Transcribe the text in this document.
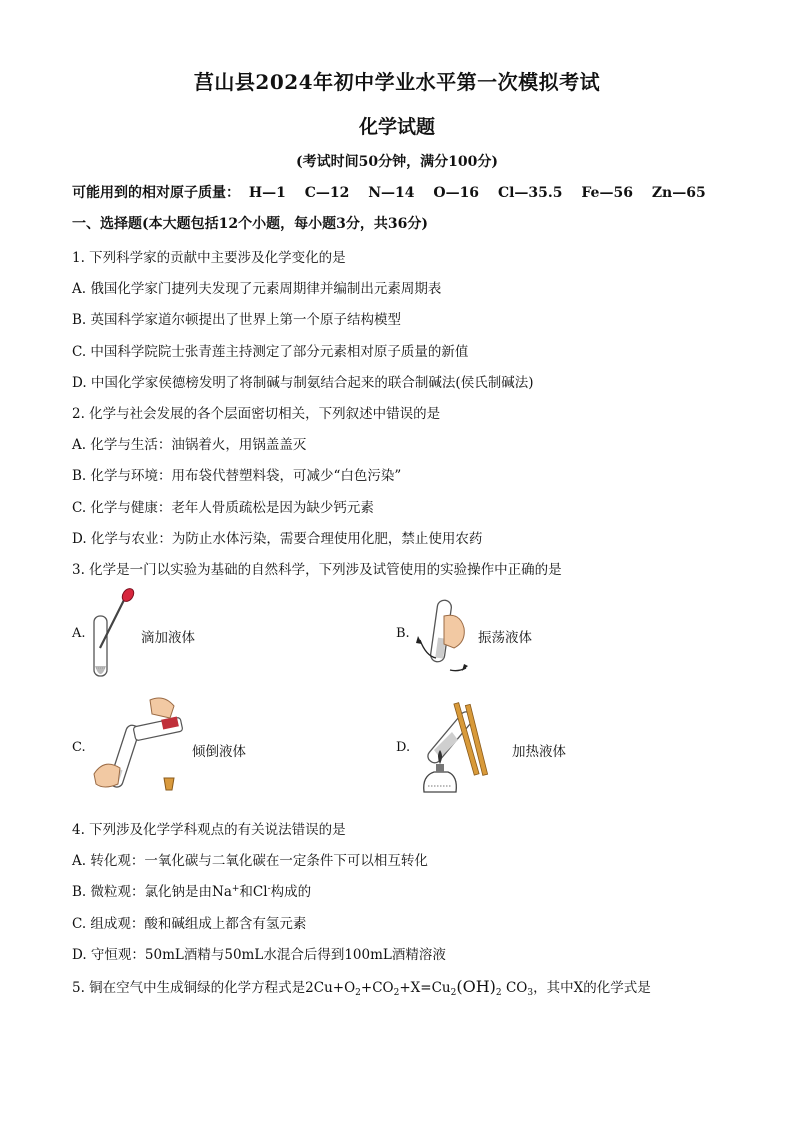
莒山县2024年初中学业水平第一次模拟考试
化学试题
(考试时间50分钟，满分100分)
可能用到的相对原子质量： H—1 C—12 N—14 O—16 Cl—35.5 Fe—56 Zn—65
一、选择题(本大题包括12个小题，每小题3分，共36分)
1. 下列科学家的贡献中主要涉及化学变化的是
A. 俄国化学家门捷列夫发现了元素周期律并编制出元素周期表
B. 英国科学家道尔顿提出了世界上第一个原子结构模型
C. 中国科学院院士张青莲主持测定了部分元素相对原子质量的新值
D. 中国化学家侯德榜发明了将制碱与制氨结合起来的联合制碱法(侯氏制碱法)
2. 化学与社会发展的各个层面密切相关，下列叙述中错误的是
A. 化学与生活：油锅着火，用锅盖盖灭
B. 化学与环境：用布袋代替塑料袋，可减少“白色污染”
C. 化学与健康：老年人骨质疏松是因为缺少钙元素
D. 化学与农业：为防止水体污染，需要合理使用化肥，禁止使用农药
3. 化学是一门以实验为基础的自然科学，下列涉及试管使用的实验操作中正确的是
A.	滴加液体	B.	振荡液体
C.	倾倒液体	D.	加热液体
4. 下列涉及化学学科观点的有关说法错误的是
A. 转化观：一氧化碳与二氧化碳在一定条件下可以相互转化
B. 微粒观：氯化钠是由Na+和Cl-构成的
C. 组成观：酸和碱组成上都含有氢元素
D. 守恒观：50mL酒精与50mL水混合后得到100mL酒精溶液
5. 铜在空气中生成铜绿的化学方程式是$2Cu+O_2+CO_2+X=Cu_2(OH)_2$ $CO_3$，其中X的化学式是
